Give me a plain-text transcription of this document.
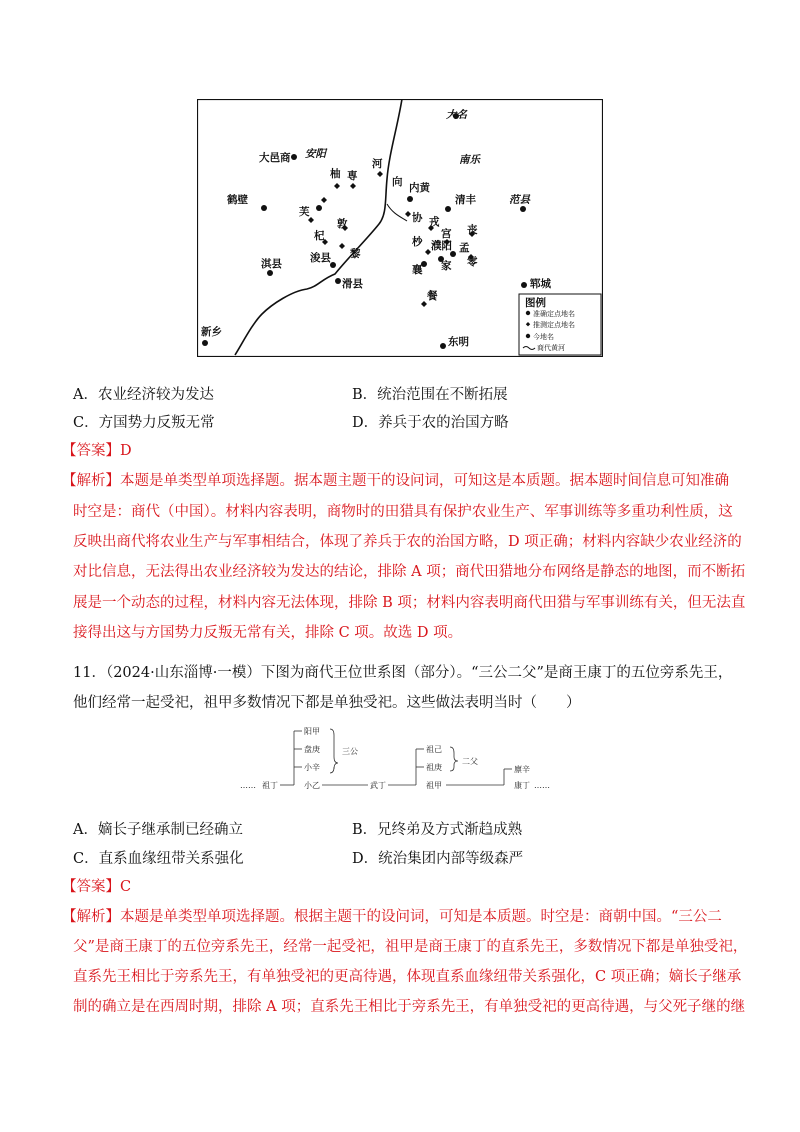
大邑商 安阳
河
柚 専	向 内黄
大名
南乐
清丰	范县
鹤壁
芙
敦
杞
淇县	浚县 黎
滑县
协 戎
宫 丧
杪 濮阳 孟
襄 家 零
餐
郓城
新乡
东明
图例
准确定点地名
推测定点地名
今地名
商代黄河
A．农业经济较为发达	B．统治范围在不断拓展
C．方国势力反叛无常	D．养兵于农的治国方略
【答案】D
【解析】本题是单类型单项选择题。据本题主题干的设问词，可知这是本质题。据本题时间信息可知准确
时空是：商代（中国）。材料内容表明，商物时的田猎具有保护农业生产、军事训练等多重功利性质，这
反映出商代将农业生产与军事相结合，体现了养兵于农的治国方略，D 项正确；材料内容缺少农业经济的
对比信息，无法得出农业经济较为发达的结论，排除 A 项；商代田猎地分布网络是静态的地图，而不断拓
展是一个动态的过程，材料内容无法体现，排除 B 项；材料内容表明商代田猎与军事训练有关，但无法直
接得出这与方国势力反叛无常有关，排除 C 项。故选 D 项。
11．（2024·山东淄博·一模）下图为商代王位世系图（部分）。“三公二父”是商王康丁的五位旁系先王，
他们经常一起受祀，祖甲多数情况下都是单独受祀。这些做法表明当时（　　）
…… 祖丁
阳甲
盘庚
小辛
小乙
三公
武丁
祖己
祖庚
祖甲
二父
廪辛
康丁 ……
A．嫡长子继承制已经确立	B．兄终弟及方式渐趋成熟
C．直系血缘纽带关系强化	D．统治集团内部等级森严
【答案】C
【解析】本题是单类型单项选择题。根据主题干的设问词，可知是本质题。时空是：商朝中国。“三公二
父”是商王康丁的五位旁系先王，经常一起受祀，祖甲是商王康丁的直系先王，多数情况下都是单独受祀，
直系先王相比于旁系先王，有单独受祀的更高待遇，体现直系血缘纽带关系强化，C 项正确；嫡长子继承
制的确立是在西周时期，排除 A 项；直系先王相比于旁系先王，有单独受祀的更高待遇，与父死子继的继
